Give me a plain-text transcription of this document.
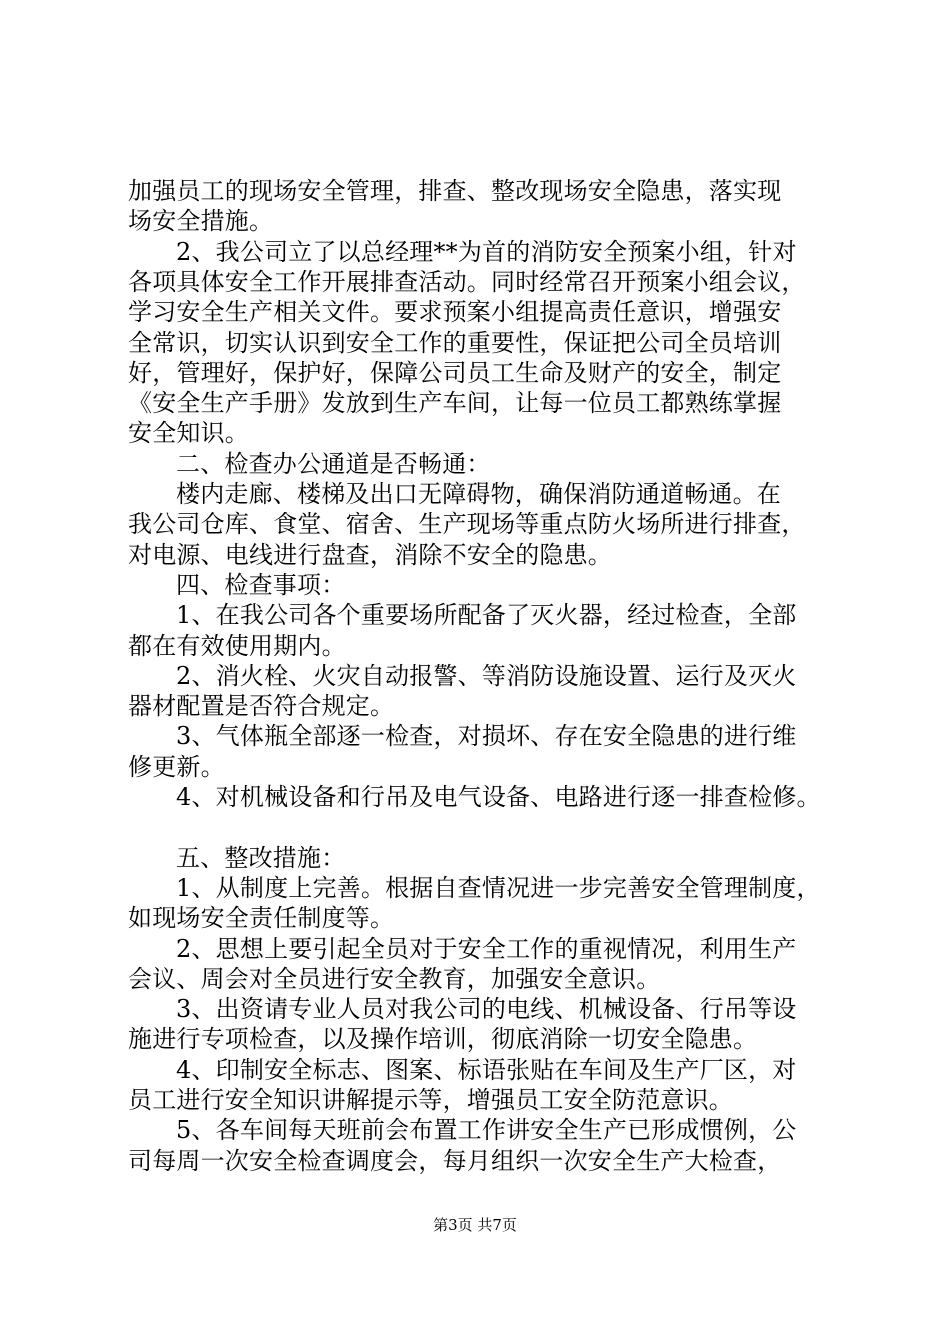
加强员工的现场安全管理，排查、整改现场安全隐患，落实现
场安全措施。
2、我公司立了以总经理**为首的消防安全预案小组，针对
各项具体安全工作开展排查活动。同时经常召开预案小组会议，
学习安全生产相关文件。要求预案小组提高责任意识，增强安
全常识，切实认识到安全工作的重要性，保证把公司全员培训
好，管理好，保护好，保障公司员工生命及财产的安全，制定
《安全生产手册》发放到生产车间，让每一位员工都熟练掌握
安全知识。
二、检查办公通道是否畅通：
楼内走廊、楼梯及出口无障碍物，确保消防通道畅通。在
我公司仓库、食堂、宿舍、生产现场等重点防火场所进行排查，
对电源、电线进行盘查，消除不安全的隐患。
四、检查事项：
1、在我公司各个重要场所配备了灭火器，经过检查，全部
都在有效使用期内。
2、消火栓、火灾自动报警、等消防设施设置、运行及灭火
器材配置是否符合规定。
3、气体瓶全部逐一检查，对损坏、存在安全隐患的进行维
修更新。
4、对机械设备和行吊及电气设备、电路进行逐一排查检修。
五、整改措施：
1、从制度上完善。根据自查情况进一步完善安全管理制度，
如现场安全责任制度等。
2、思想上要引起全员对于安全工作的重视情况，利用生产
会议、周会对全员进行安全教育，加强安全意识。
3、出资请专业人员对我公司的电线、机械设备、行吊等设
施进行专项检查，以及操作培训，彻底消除一切安全隐患。
4、印制安全标志、图案、标语张贴在车间及生产厂区，对
员工进行安全知识讲解提示等，增强员工安全防范意识。
5、各车间每天班前会布置工作讲安全生产已形成惯例，公
司每周一次安全检查调度会，每月组织一次安全生产大检查，
第3页 共7页
